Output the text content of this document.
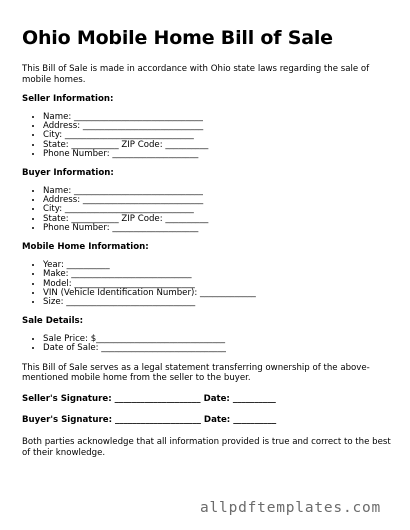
Ohio Mobile Home Bill of Sale

This Bill of Sale is made in accordance with Ohio state laws regarding the sale of mobile homes.

Seller Information:
• Name: ______________________________
• Address: ____________________________
• City: ______________________________
• State: ___________ ZIP Code: __________
• Phone Number: ____________________
Buyer Information:
• Name: ______________________________
• Address: ____________________________
• City: ______________________________
• State: ___________ ZIP Code: __________
• Phone Number: ____________________
Mobile Home Information:
• Year: __________
• Make: ____________________________
• Model: ____________________________
• VIN (Vehicle Identification Number): _____________
• Size: ______________________________
Sale Details:
• Sale Price: $______________________________
• Date of Sale: _____________________________

This Bill of Sale serves as a legal statement transferring ownership of the above-mentioned mobile home from the seller to the buyer.

Seller's Signature: ____________________ Date: __________

Buyer's Signature: ____________________ Date: __________

Both parties acknowledge that all information provided is true and correct to the best of their knowledge.

allpdftemplates.com
